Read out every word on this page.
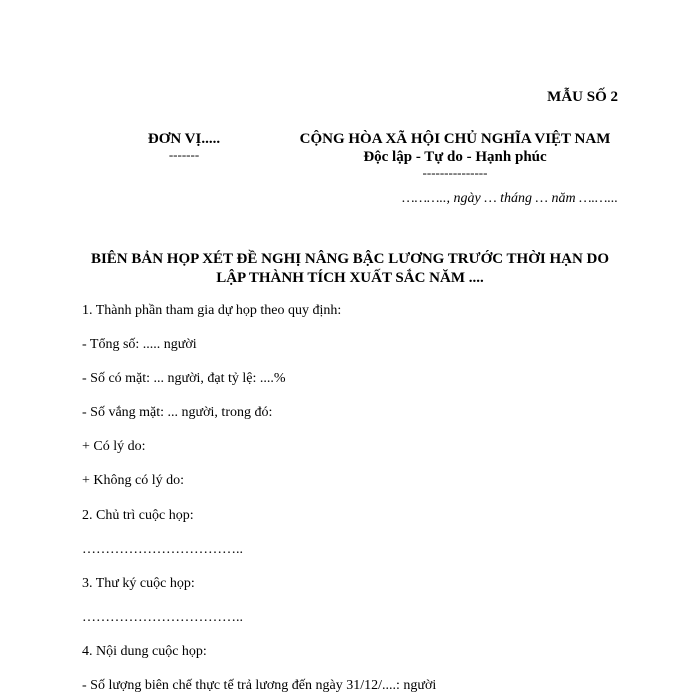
MẪU SỐ 2
ĐƠN VỊ.....
-------
CỘNG HÒA XÃ HỘI CHỦ NGHĨA VIỆT NAM
Độc lập - Tự do - Hạnh phúc
---------------
……….., ngày … tháng … năm ….…...
BIÊN BẢN HỌP XÉT ĐỀ NGHỊ NÂNG BẬC LƯƠNG TRƯỚC THỜI HẠN DO
LẬP THÀNH TÍCH XUẤT SẮC NĂM ....
1. Thành phần tham gia dự họp theo quy định:
- Tổng số: ..... người
- Số có mặt: ... người, đạt tỷ lệ: ....%
- Số vắng mặt: ... người, trong đó:
+ Có lý do:
+ Không có lý do:
2. Chủ trì cuộc họp:
……………………………..
3. Thư ký cuộc họp:
……………………………..
4. Nội dung cuộc họp:
- Số lượng biên chế thực tế trả lương đến ngày 31/12/....: người
